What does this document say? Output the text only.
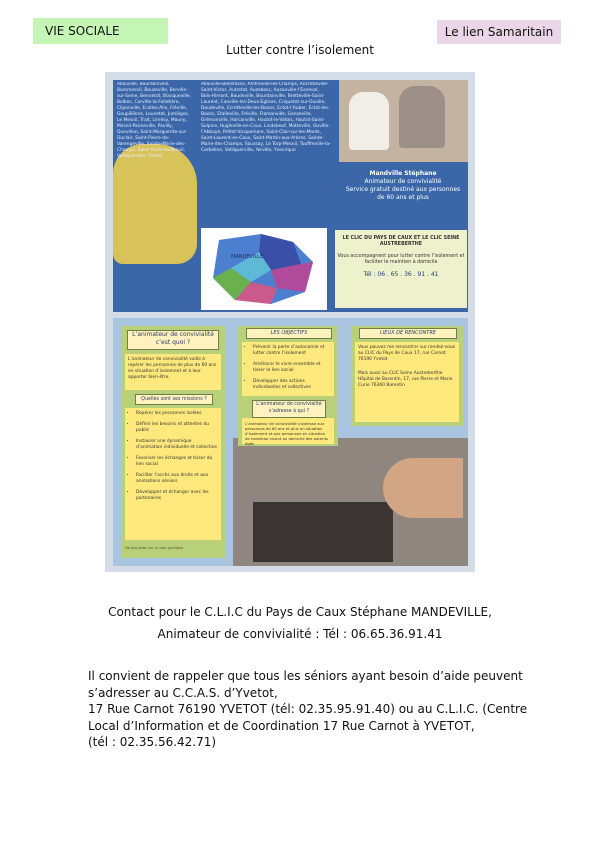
VIE SOCIALE	Le lien Samaritain
Lutter contre l’isolement
Allouville, Bourdainville, Baromesnil, Beuzeville, Berville-sur-Seine, Bennetot, Blacqueville, Bolbec, Carville-la-Folletière, Cliponville, Ecalles-Alix, Fréville, Goupillières, Louvetot, Jumièges, Le Mesnil, Trait, Limésy, Mauny, Mesnil-Panneville, Pavilly, Quevillon, Saint-Marguerite-sur-Duclair, Saint-Pierre-de-Varengeville, Sainte-Marie-des-Champs, Saint-Ouen-du-Breuil, Valliquerville, Yvetot
Allouville-Bellefosse, Amfreville-les-Champs, Ancretiéville-Saint-Victor, Autretot, Auzebosc, Auzouville-l’Esneval, Bois-Himont, Boudeville, Bourdainville, Bretteville-Saint-Laurent, Canville-les-Deux-Eglises, Criquetot-sur-Ouville, Doudeville, Ecretteville-les-Baons, Ectot-l’Auber, Ectot-les-Baons, Etalleville, Fréville, Flamanville, Gonzeville, Grémonville, Harcanville, Hautot-le-Vatois, Hautot-Saint-Sulpice, Hugleville-en-Caux, Lindebeuf, Motteville, Ouville-l’Abbaye, Prétot-Vicquemare, Saint-Clair-sur-les-Monts, Saint-Laurent-en-Caux, Saint-Martin-aux-Arbres, Sainte-Marie-des-Champs, Saussay, Le Torp-Mesnil, Touffreville-la-Corbeline, Valliquerville, Yerville, Yvecrique
MANDEVILLE
Mandville Stéphane
Animateur de convivialité
Service gratuit destiné aux personnes
de 60 ans et plus
LE CLIC DU PAYS DE CAUX ET LE CLIC SEINE AUSTREBERTHE
Vous accompagnent pour lutter contre l’isolement et faciliter le maintien à domicile
Tél : 06 . 65 . 36 . 91 . 41
L’animateur de convivialité c’est quoi ?
L’animateur de convivialité vaille à repérer les personnes de plus de 60 ans en situation d’isolement et à leur apporter bien-être.
Quelles sont ses missions ?
• Repérer les personnes isolées
• Définir les besoins et attentes du public
• Instaurer une dynamique d’animation individuelle et collective
• Favoriser les échanges et tisser du lien social
• Faciliter l’accès aux droits et aux animations séniors
• Développer et échanger avec les partenaires
Ne pas jeter sur la voie publique
LES OBJECTIFS
• Prévenir la perte d’autonomie et lutter contre l’isolement
• Améliorer le vivre ensemble et tisser le lien social
• Développer des actions individuelles et collectives
L’animateur de convivialité s’adresse à qui ?
L’animateur de convivialité s’adresse aux personnes de 60 ans et plus en situation d’isolement et aux personnes en situation de handicap vivant au domicile des parents âgés
LIEUX DE RENCONTRE
Vous pouvez me rencontrer sur rendez-vous au CLIC du Pays de Caux 17, rue Carnot 76190 Yvetot
Mais aussi au CLIC Seine Austreberthe Hôpital de Barentin, 17, rue Pierre et Marie Curie 76360 Barentin
Contact pour le C.L.I.C du Pays de Caux Stéphane MANDEVILLE,
Animateur de convivialité : Tél : 06.65.36.91.41
Il convient de rappeler que tous les séniors ayant besoin d’aide peuvent
s’adresser au C.C.A.S. d’Yvetot,
17 Rue Carnot 76190 YVETOT (tél: 02.35.95.91.40) ou au C.L.I.C. (Centre
Local d’Information et de Coordination 17 Rue Carnot à YVETOT,
(tél : 02.35.56.42.71)
